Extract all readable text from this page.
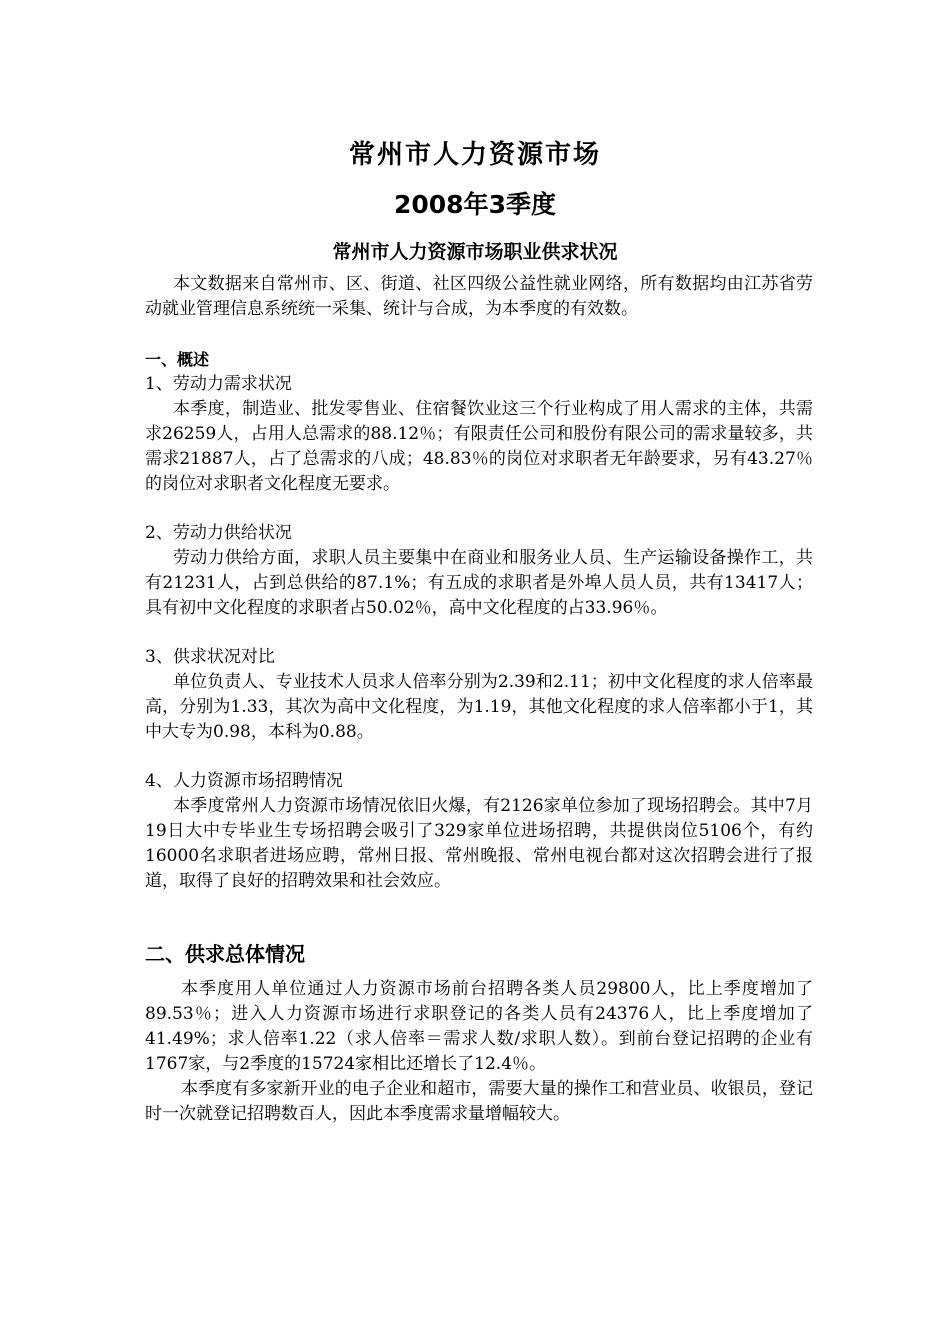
常州市人力资源市场
2008年3季度
常州市人力资源市场职业供求状况

本文数据来自常州市、区、街道、社区四级公益性就业网络，所有数据均由江苏省劳动就业管理信息系统统一采集、统计与合成，为本季度的有效数。

一、概述

1、劳动力需求状况

本季度，制造业、批发零售业、住宿餐饮业这三个行业构成了用人需求的主体，共需求26259人，占用人总需求的88.12％；有限责任公司和股份有限公司的需求量较多，共需求21887人，占了总需求的八成；48.83％的岗位对求职者无年龄要求，另有43.27％的岗位对求职者文化程度无要求。

2、劳动力供给状况

劳动力供给方面，求职人员主要集中在商业和服务业人员、生产运输设备操作工，共有21231人，占到总供给的87.1%；有五成的求职者是外埠人员人员，共有13417人；具有初中文化程度的求职者占50.02％，高中文化程度的占33.96％。

3、供求状况对比

单位负责人、专业技术人员求人倍率分别为2.39和2.11；初中文化程度的求人倍率最高，分别为1.33，其次为高中文化程度，为1.19，其他文化程度的求人倍率都小于1，其中大专为0.98，本科为0.88。

4、人力资源市场招聘情况

本季度常州人力资源市场情况依旧火爆，有2126家单位参加了现场招聘会。其中7月19日大中专毕业生专场招聘会吸引了329家单位进场招聘，共提供岗位5106个，有约16000名求职者进场应聘，常州日报、常州晚报、常州电视台都对这次招聘会进行了报道，取得了良好的招聘效果和社会效应。

二、供求总体情况

本季度用人单位通过人力资源市场前台招聘各类人员29800人，比上季度增加了89.53％；进入人力资源市场进行求职登记的各类人员有24376人，比上季度增加了41.49%；求人倍率1.22（求人倍率＝需求人数/求职人数）。到前台登记招聘的企业有1767家，与2季度的15724家相比还增长了12.4％。

本季度有多家新开业的电子企业和超市，需要大量的操作工和营业员、收银员，登记时一次就登记招聘数百人，因此本季度需求量增幅较大。
